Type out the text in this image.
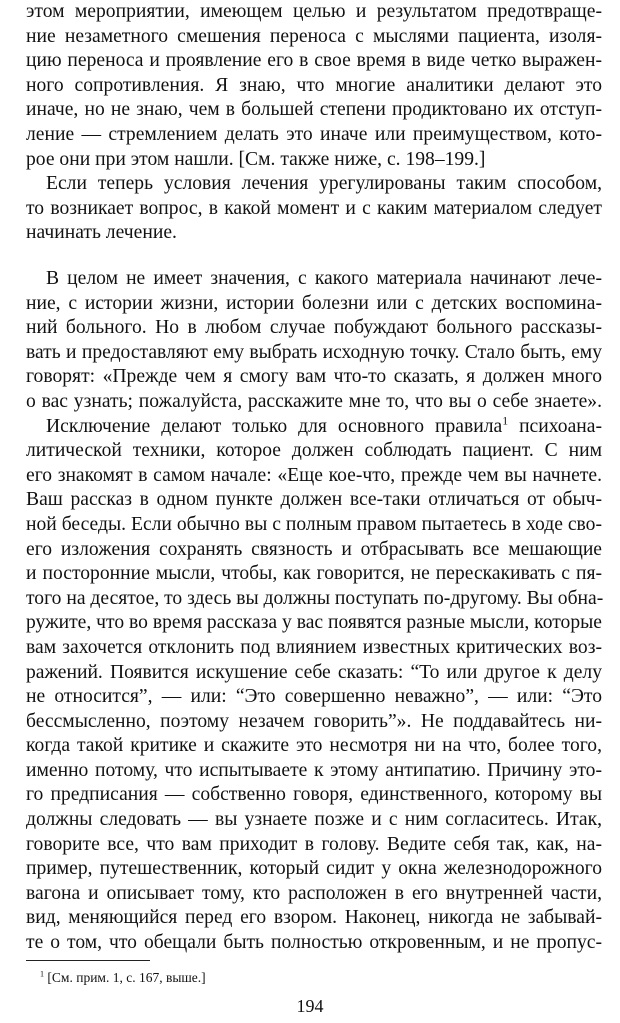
этом мероприятии, имеющем целью и результатом предотвраще-
ние незаметного смешения переноса с мыслями пациента, изоля-
цию переноса и проявление его в свое время в виде четко выражен-
ного сопротивления. Я знаю, что многие аналитики делают это
иначе, но не знаю, чем в большей степени продиктовано их отступ-
ление — стремлением делать это иначе или преимуществом, кото-
рое они при этом нашли. [См. также ниже, с. 198–199.]
Если теперь условия лечения урегулированы таким способом,
то возникает вопрос, в какой момент и с каким материалом следует
начинать лечение.
В целом не имеет значения, с какого материала начинают лече-
ние, с истории жизни, истории болезни или с детских воспомина-
ний больного. Но в любом случае побуждают больного рассказы-
вать и предоставляют ему выбрать исходную точку. Стало быть, ему
говорят: «Прежде чем я смогу вам что-то сказать, я должен много
о вас узнать; пожалуйста, расскажите мне то, что вы о себе знаете».
Исключение делают только для основного правила$^1$ психоана-
литической техники, которое должен соблюдать пациент. С ним
его знакомят в самом начале: «Еще кое-что, прежде чем вы начнете.
Ваш рассказ в одном пункте должен все-таки отличаться от обыч-
ной беседы. Если обычно вы с полным правом пытаетесь в ходе сво-
его изложения сохранять связность и отбрасывать все мешающие
и посторонние мысли, чтобы, как говорится, не перескакивать с пя-
того на десятое, то здесь вы должны поступать по-другому. Вы обна-
ружите, что во время рассказа у вас появятся разные мысли, которые
вам захочется отклонить под влиянием известных критических воз-
ражений. Появится искушение себе сказать: “То или другое к делу
не относится”, — или: “Это совершенно неважно”, — или: “Это
бессмысленно, поэтому незачем говорить”». Не поддавайтесь ни-
когда такой критике и скажите это несмотря ни на что, более того,
именно потому, что испытываете к этому антипатию. Причину это-
го предписания — собственно говоря, единственного, которому вы
должны следовать — вы узнаете позже и с ним согласитесь. Итак,
говорите все, что вам приходит в голову. Ведите себя так, как, на-
пример, путешественник, который сидит у окна железнодорожного
вагона и описывает тому, кто расположен в его внутренней части,
вид, меняющийся перед его взором. Наконец, никогда не забывай-
те о том, что обещали быть полностью откровенным, и не пропус-
$^1$ [См. прим. 1, с. 167, выше.]
194
